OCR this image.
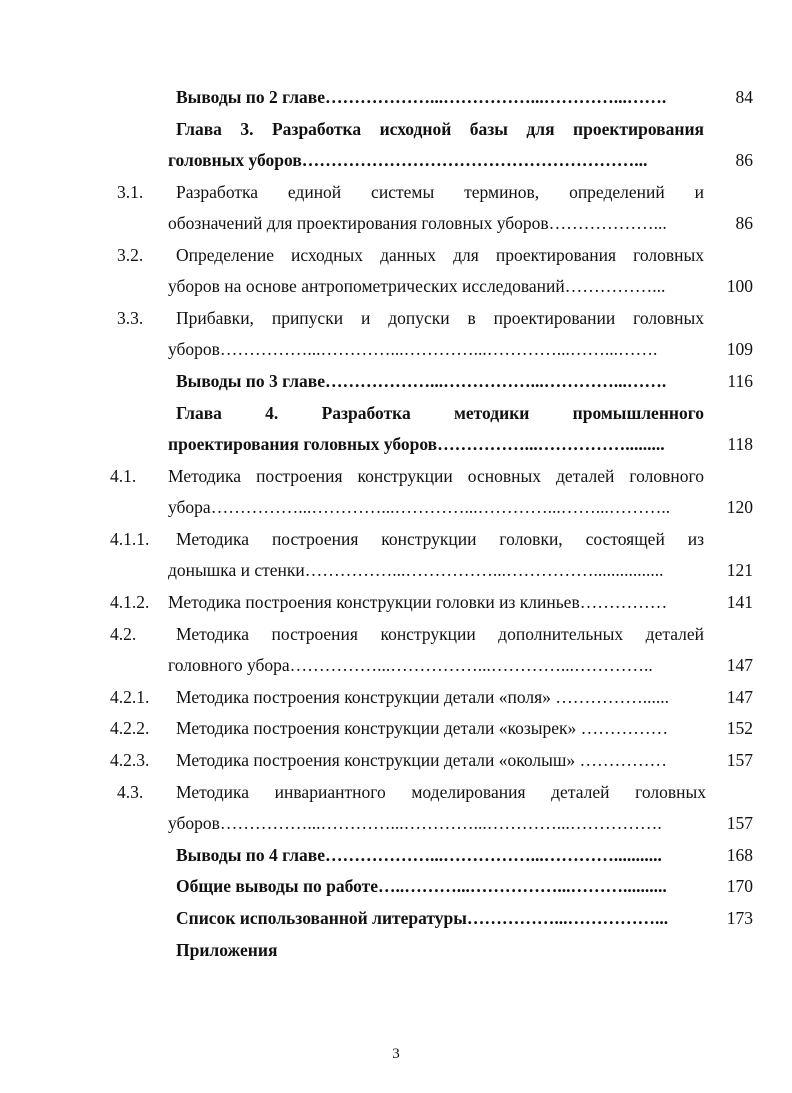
Выводы по 2 главе………………...……………...…………...…….	84
Глава 3. Разработка исходной базы для проектирования
головных уборов…………………………………………………...	86
3.1. Разработка единой системы терминов, определений и
обозначений для проектирования головных уборов………………...	86
3.2. Определение исходных данных для проектирования головных
уборов на основе антропометрических исследований……………...	100
3.3. Прибавки, припуски и допуски в проектировании головных
уборов……………...…………...…………...…………...……...…….	109
Выводы по 3 главе………………...……………...…………...…….	116
Глава 4. Разработка методики промышленного
проектирования головных уборов……………...…………….........	118
4.1. Методика построения конструкции основных деталей головного
убора……………...…………...…………...…………...……...………..	120
4.1.1. Методика построения конструкции головки, состоящей из
донышка и стенки……………...……………...……………................	121
4.1.2. Методика построения конструкции головки из клиньев……………	141
4.2. Методика построения конструкции дополнительных деталей
головного убора……………...……………...…………...…………..	147
4.2.1. Методика построения конструкции детали «поля» ……………......	147
4.2.2. Методика построения конструкции детали «козырек» ……………	152
4.2.3. Методика построения конструкции детали «околыш» ……………	157
4.3. Методика инвариантного моделирования деталей головных
уборов……………...…………...…………...…………...…………….	157
Выводы по 4 главе………………...……………...…………...........	168
Общие выводы по работе…..………...……………...………..........	170
Список использованной литературы……………...……………...	173
Приложения
3
